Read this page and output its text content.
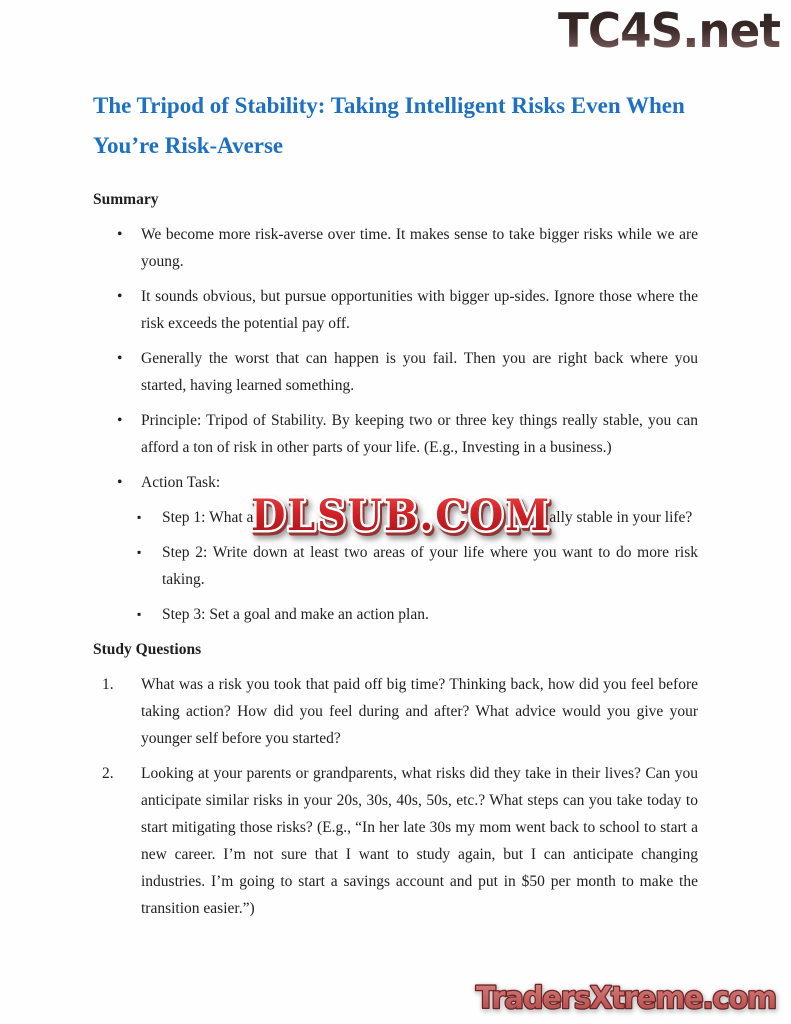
TC4S.net
The Tripod of Stability: Taking Intelligent Risks Even When
You’re Risk-Averse
Summary
• We become more risk-averse over time. It makes sense to take bigger risks while we are young.
• It sounds obvious, but pursue opportunities with bigger up-sides. Ignore those where the risk exceeds the potential pay off.
• Generally the worst that can happen is you fail. Then you are right back where you started, having learned something.
• Principle: Tripod of Stability. By keeping two or three key things really stable, you can afford a ton of risk in other parts of your life. (E.g., Investing in a business.)
• Action Task:
▪ Step 1: What a	ally stable in your life?
▪ Step 2: Write down at least two areas of your life where you want to do more risk taking.
▪ Step 3: Set a goal and make an action plan.
Study Questions
1. What was a risk you took that paid off big time? Thinking back, how did you feel before taking action? How did you feel during and after? What advice would you give your younger self before you started?
2. Looking at your parents or grandparents, what risks did they take in their lives? Can you anticipate similar risks in your 20s, 30s, 40s, 50s, etc.? What steps can you take today to start mitigating those risks? (E.g., “In her late 30s my mom went back to school to start a new career. I’m not sure that I want to study again, but I can anticipate changing industries. I’m going to start a savings account and put in $50 per month to make the transition easier.”)
DLSUB.COM
TradersXtreme.com
